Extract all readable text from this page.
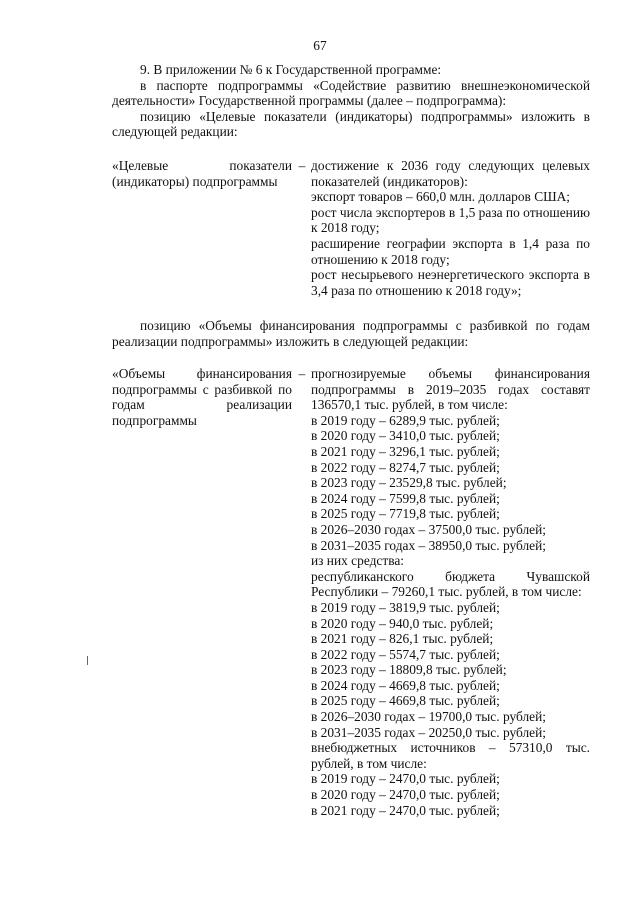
67

9. В приложении № 6 к Государственной программе:

в паспорте подпрограммы «Содействие развитию внешнеэкономической деятельности» Государственной программы (далее – подпрограмма):

позицию «Целевые показатели (индикаторы) подпрограммы» изложить в следующей редакции:

«Целевые показатели (индикаторы) подпрограммы

– достижение к 2036 году следующих целевых показателей (индикаторов):

экспорт товаров – 660,0 млн. долларов США;

рост числа экспортеров в 1,5 раза по отношению к 2018 году;

расширение географии экспорта в 1,4 раза по отношению к 2018 году;

рост несырьевого неэнергетического экспорта в 3,4 раза по отношению к 2018 году»;

позицию «Объемы финансирования подпрограммы с разбивкой по годам реализации подпрограммы» изложить в следующей редакции:

«Объемы финансирования подпрограммы с разбивкой по годам реализации подпрограммы

– прогнозируемые объемы финансирования подпрограммы в 2019–2035 годах составят 136570,1 тыс. рублей, в том числе:

в 2019 году – 6289,9 тыс. рублей;

в 2020 году – 3410,0 тыс. рублей;

в 2021 году – 3296,1 тыс. рублей;

в 2022 году – 8274,7 тыс. рублей;

в 2023 году – 23529,8 тыс. рублей;

в 2024 году – 7599,8 тыс. рублей;

в 2025 году – 7719,8 тыс. рублей;

в 2026–2030 годах – 37500,0 тыс. рублей;

в 2031–2035 годах – 38950,0 тыс. рублей;

из них средства:

республиканского бюджета Чувашской Республики – 79260,1 тыс. рублей, в том числе:

в 2019 году – 3819,9 тыс. рублей;

в 2020 году – 940,0 тыс. рублей;

в 2021 году – 826,1 тыс. рублей;

в 2022 году – 5574,7 тыс. рублей;

в 2023 году – 18809,8 тыс. рублей;

в 2024 году – 4669,8 тыс. рублей;

в 2025 году – 4669,8 тыс. рублей;

в 2026–2030 годах – 19700,0 тыс. рублей;

в 2031–2035 годах – 20250,0 тыс. рублей;

внебюджетных источников – 57310,0 тыс. рублей, в том числе:

в 2019 году – 2470,0 тыс. рублей;

в 2020 году – 2470,0 тыс. рублей;

в 2021 году – 2470,0 тыс. рублей;
